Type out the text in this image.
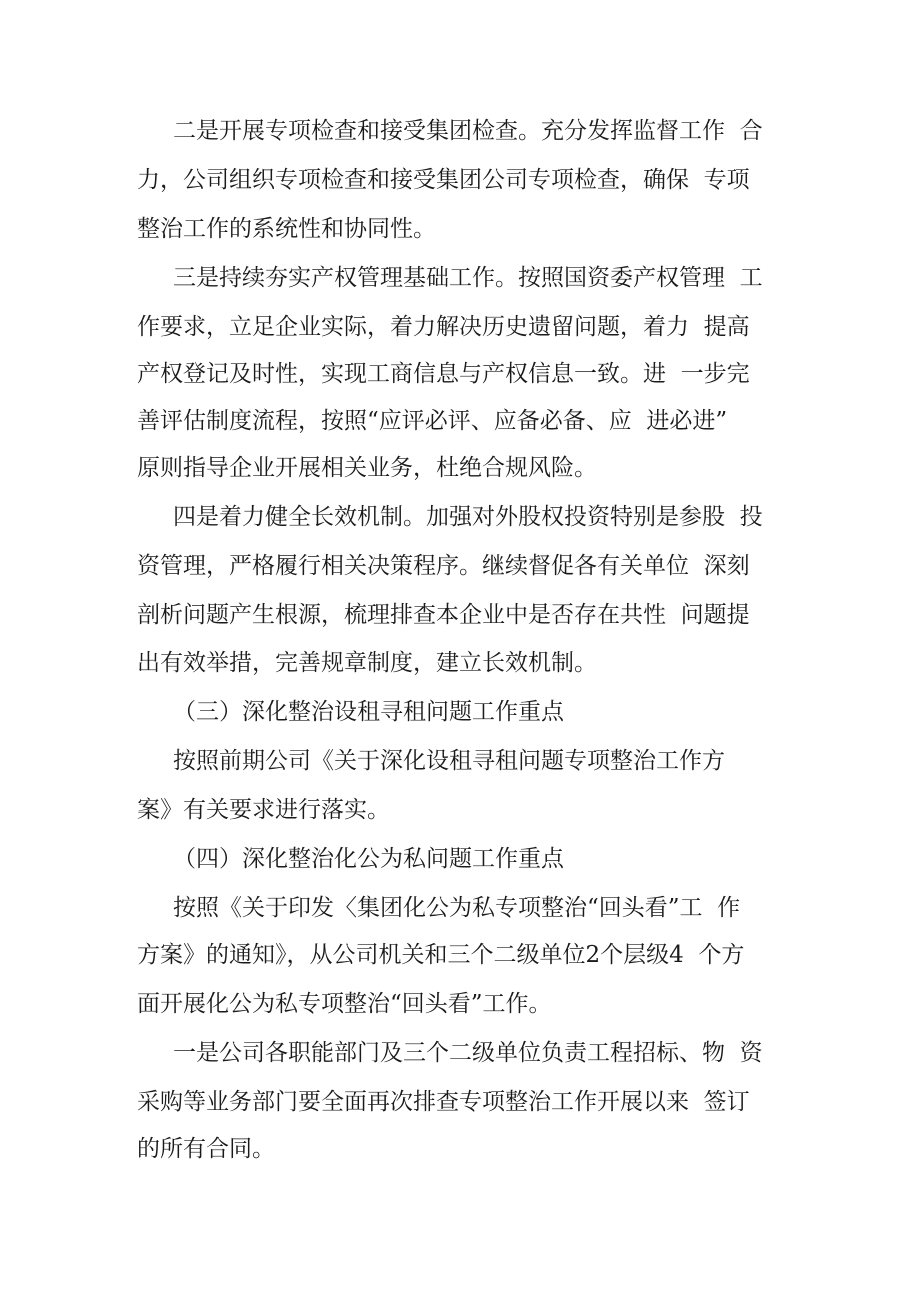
二是开展专项检查和接受集团检查。充分发挥监督工作  合
力，公司组织专项检查和接受集团公司专项检查，确保  专项
整治工作的系统性和协同性。
三是持续夯实产权管理基础工作。按照国资委产权管理  工
作要求，立足企业实际，着力解决历史遗留问题，着力  提高
产权登记及时性，实现工商信息与产权信息一致。进  一步完
善评估制度流程，按照“应评必评、应备必备、应  进必进”
原则指导企业开展相关业务，杜绝合规风险。
四是着力健全长效机制。加强对外股权投资特别是参股  投
资管理，严格履行相关决策程序。继续督促各有关单位  深刻
剖析问题产生根源，梳理排查本企业中是否存在共性  问题提
出有效举措，完善规章制度，建立长效机制。
（三）深化整治设租寻租问题工作重点
按照前期公司《关于深化设租寻租问题专项整治工作方
案》有关要求进行落实。
（四）深化整治化公为私问题工作重点
按照《关于印发〈集团化公为私专项整治“回头看”工  作
方案》的通知》，从公司机关和三个二级单位2个层级4  个方
面开展化公为私专项整治“回头看”工作。
一是公司各职能部门及三个二级单位负责工程招标、物  资
采购等业务部门要全面再次排查专项整治工作开展以来  签订
的所有合同。
